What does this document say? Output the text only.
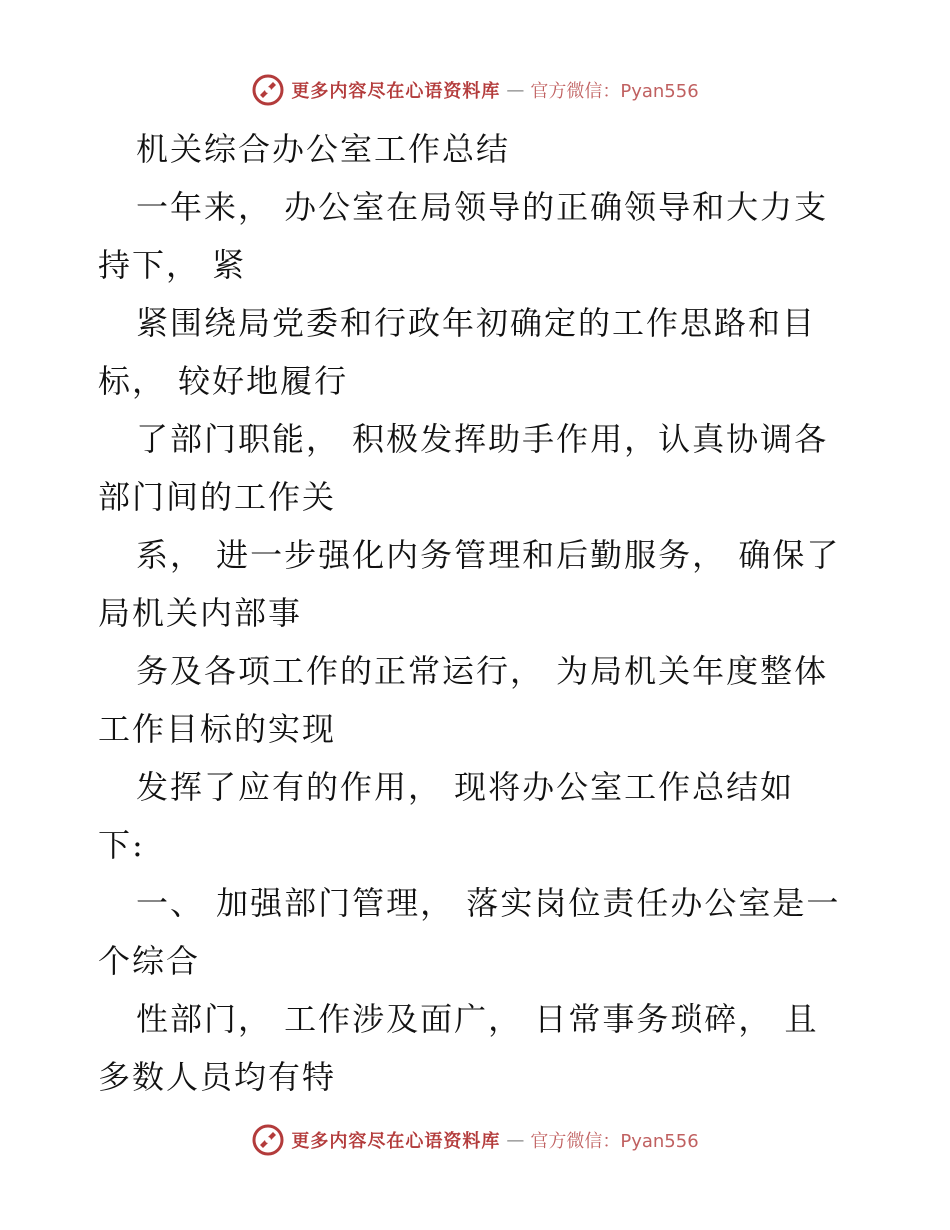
更多内容尽在心语资料库 — 官方微信：Pyan556
机关综合办公室工作总结
一年来， 办公室在局领导的正确领导和大力支
持下， 紧
紧围绕局党委和行政年初确定的工作思路和目
标， 较好地履行
了部门职能， 积极发挥助手作用，认真协调各
部门间的工作关
系， 进一步强化内务管理和后勤服务， 确保了
局机关内部事
务及各项工作的正常运行， 为局机关年度整体
工作目标的实现
发挥了应有的作用， 现将办公室工作总结如
下:
一、 加强部门管理， 落实岗位责任办公室是一
个综合
性部门， 工作涉及面广， 日常事务琐碎， 且
多数人员均有特
更多内容尽在心语资料库 — 官方微信：Pyan556
